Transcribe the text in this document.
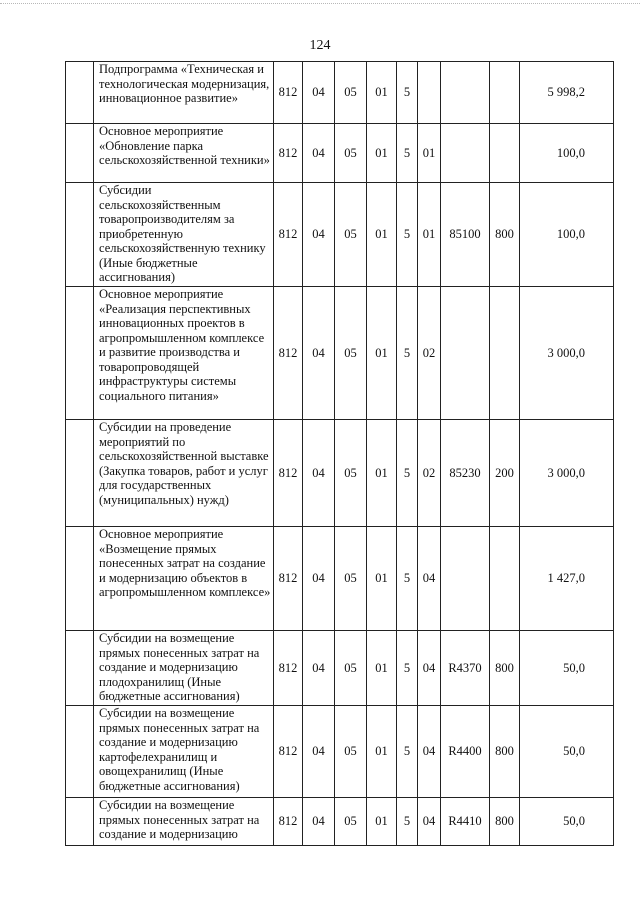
124

	Подпрограмма «Техническая и технологическая модернизация, инновационное развитие»	812	04	05	01	5				5 998,2

	Основное мероприятие «Обновление парка сельскохозяйственной техники»	812	04	05	01	5	01			100,0

	Субсидии сельскохозяйственным товаропроизводителям за приобретенную сельскохозяйственную технику (Иные бюджетные ассигнования)	812	04	05	01	5	01	85100	800	100,0

	Основное мероприятие «Реализация перспективных инновационных проектов в агропромышленном комплексе и развитие производства и товаропроводящей инфраструктуры системы социального питания»	812	04	05	01	5	02			3 000,0

	Субсидии на проведение мероприятий по сельскохозяйственной выставке (Закупка товаров, работ и услуг для государственных (муниципальных) нужд)	812	04	05	01	5	02	85230	200	3 000,0

	Основное мероприятие «Возмещение прямых понесенных затрат на создание и модернизацию объектов в агропромышленном комплексе»	812	04	05	01	5	04			1 427,0

	Субсидии на возмещение прямых понесенных затрат на создание и модернизацию плодохранилищ (Иные бюджетные ассигнования)	812	04	05	01	5	04	R4370	800	50,0

	Субсидии на возмещение прямых понесенных затрат на создание и модернизацию картофелехранилищ и овощехранилищ (Иные бюджетные ассигнования)	812	04	05	01	5	04	R4400	800	50,0

	Субсидии на возмещение прямых понесенных затрат на создание и модернизацию	812	04	05	01	5	04	R4410	800	50,0
